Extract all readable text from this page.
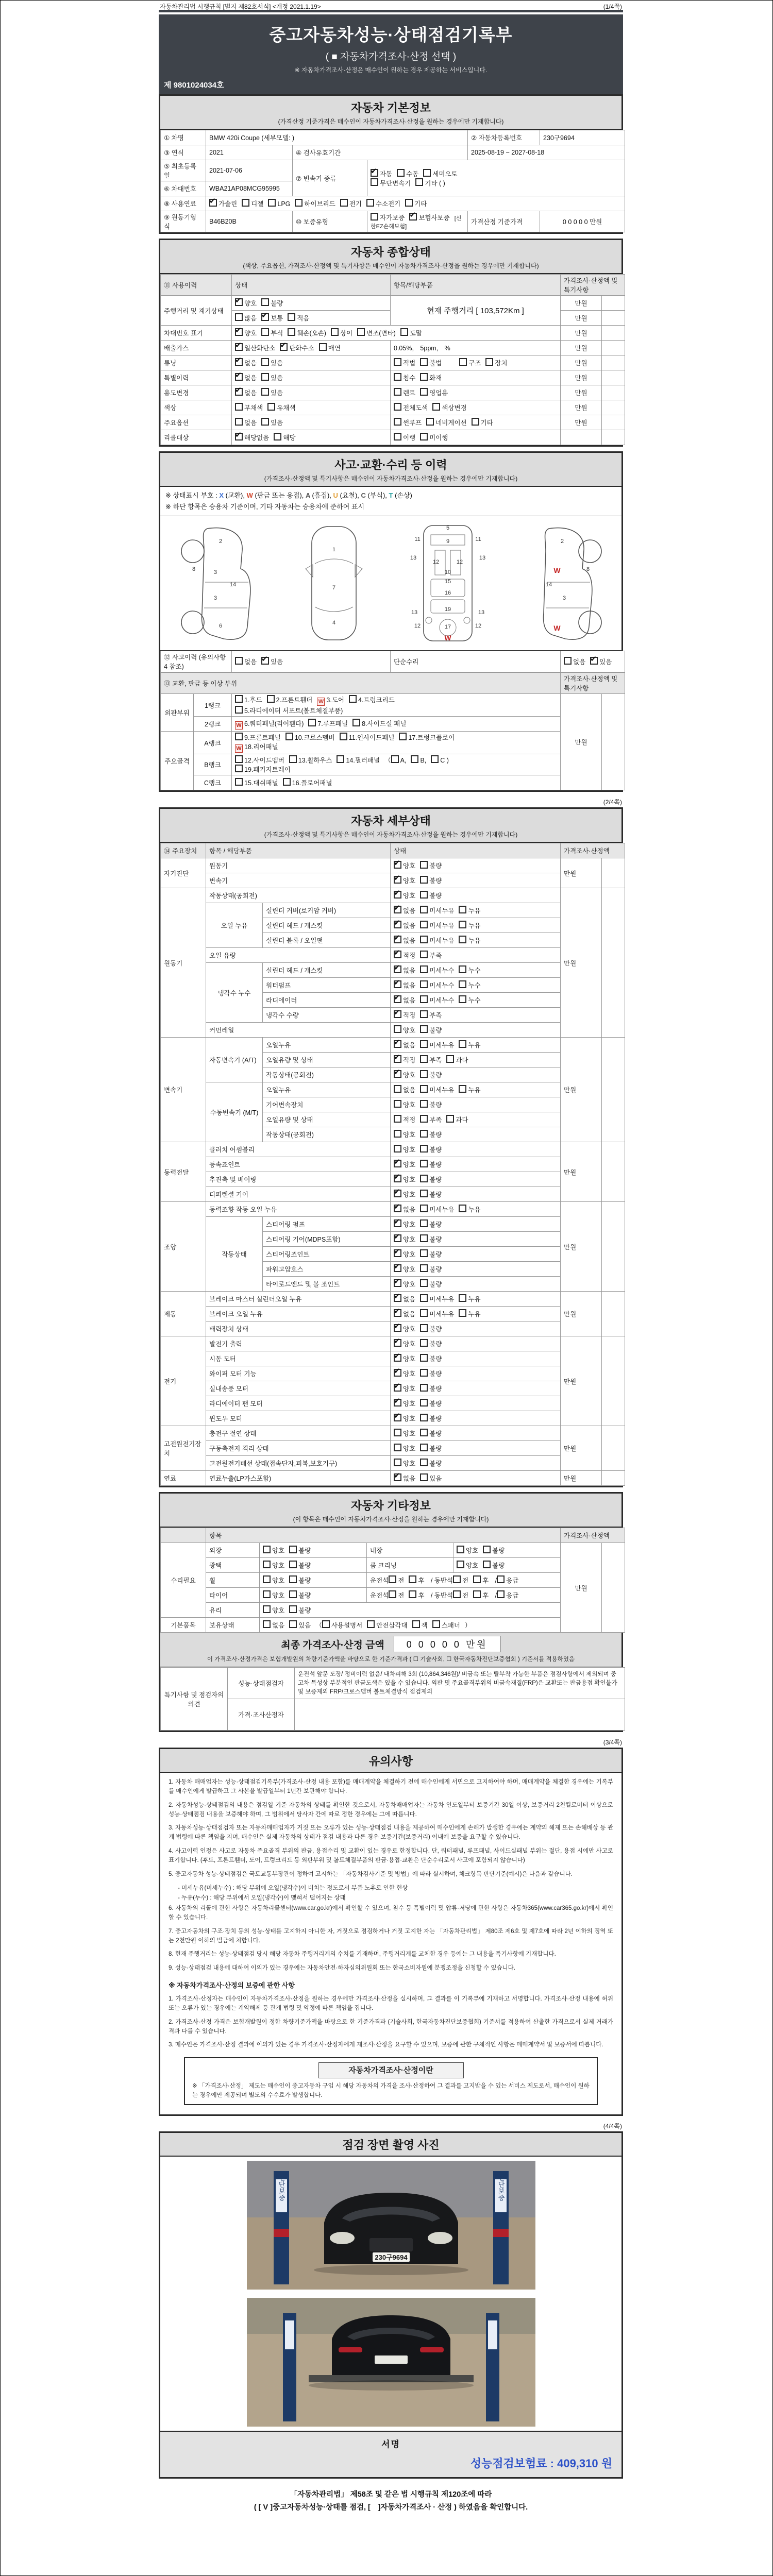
자동차관리법 시행규칙 [별지 제82호서식] <개정 2021.1.19>	(1/4쪽)
중고자동차성능·상태점검기록부
( ■ 자동차가격조사·산정 선택 )
※ 자동차가격조사·산정은 매수인이 원하는 경우 제공하는 서비스입니다.
제 9801024034호
자동차 기본정보
(가격산정 기준가격은 매수인이 자동차가격조사·산정을 원하는 경우에만 기재합니다)
① 차명	BMW 420i Coupe (세부모델: )			② 자동차등록번호	230구9694
③ 연식	2021	④ 검사유효기간		2025-08-19 ~ 2027-08-18	
⑤ 최초등록일	2021-07-06	⑦ 변속기 종류	
✔자동 수동 세미오토
무단변속기 기타 ( )

⑥ 차대번호	WBA21AP08MCG95995				
⑧ 사용연료	✔가솔린 디젤 LPG 하이브리드 전기 수소전기 기타
⑨ 원동기형식	B46B20B	⑩ 보증유형	자가보증 ✔ 보험사보증 [신한EZ손해보험]	가격산정 기준가격	0 0 0 0 0 만원
자동차 종합상태
(색상, 주요옵션, 가격조사·산정액 및 특기사항은 매수인이 자동차가격조사·산정을 원하는 경우에만 기재합니다)
⑪ 사용이력	상태	항목/해당부품	가격조사·산정액 및 특기사항	
주행거리 및 계기상태	✔양호 불량	현재 주행거리 [ 103,572Km ]	만원	
	많음 ✔ 보통 적음		만원	
차대번호 표기	✔양호 부식 훼손(오손) 상이 변조(변타) 도말		만원	
배출가스	✔일산화탄소 ✔ 탄화수소 매연	0.05%,　5ppm,　%	만원	
튜닝	✔없음 있음	적법 불법　　 구조 장치	만원	
특별이력	✔없음 있음	침수 화재	만원	
용도변경	✔없음 있음	렌트 영업용	만원	
색상	무채색 유채색	전체도색 색상변경	만원	
주요옵션	없음 있음	썬루프 네비게이션 기타	만원	
리콜대상	✔해당없음 해당	이행 미이행		
사고·교환·수리 등 이력
(가격조사·산정액 및 특기사항은 매수인이 자동차가격조사·산정을 원하는 경우에만 기재합니다)
※ 상태표시 부호 : X (교환), W (판금 또는 용접), A (흠집), U (요철), C (부식), T (손상)
※ 하단 항목은 승용차 기준이며, 기타 자동차는 승용차에 준하여 표시
2
8	3
14
3
6
1
7
4
5
11	9	11
13
12	12
13
10
15
16
13	19	13
12	17	12
W
2
8
14
3
W
W
⑫ 사고이력 (유의사항 4 참조)	없음 ✔ 있음	단순수리	없음 ✔ 있음
⑬ 교환, 판금 등 이상 부위			가격조사·산정액 및 특기사항	
외판부위	1랭크	1.후드 2.프론트휀더 W 3.도어 4.트렁크리드
5.라디에이터 서포트(볼트체결부품)	만원	
	2랭크	W 6.쿼터패널(리어휀다) 7.루프패널 8.사이드실 패널		

주요골격	A랭크	9.프론트패널 10.크로스멤버 11.인사이드패널 17.트렁크플로어
W 18.리어패널		

	B랭크	12.사이드멤버 13.휠하우스 14.필러패널 （ A, B, C )
19.패키지트레이		

	C랭크	15.대쉬패널 16.플로어패널		
(2/4쪽)
자동차 세부상태
(가격조사·산정액 및 특기사항은 매수인이 자동차가격조사·산정을 원하는 경우에만 기재합니다)
⑭ 주요장치	항목 / 해당부품		상태	가격조사·산정액	
자기진단	원동기	✔양호 불량	만원	
	변속기	✔양호 불량
원동기	작동상태(공회전)	✔양호 불량	만원	
	오일 누유	실린더 커버(로커암 커버)	✔없음 미세누유 누유
		실린더 헤드 / 개스킷	✔없음 미세누유 누유
		실린더 블록 / 오일팬	✔없음 미세누유 누유
	오일 유량	✔적정 부족
	냉각수 누수	실린더 헤드 / 개스킷	✔없음 미세누수 누수
		워터펌프	✔없음 미세누수 누수
		라디에이터	✔없음 미세누수 누수
		냉각수 수량	✔적정 부족
	커먼레일		양호 불량		
변속기	자동변속기 (A/T)	오일누유	✔없음 미세누유 누유	만원	
		오일유량 및 상태	✔적정 부족 과다
		작동상태(공회전)	✔양호 불량
	수동변속기 (M/T)	오일누유	없음 미세누유 누유		
		기어변속장치	양호 불량		
		오일유량 및 상태	적정 부족 과다		
		작동상태(공회전)	양호 불량		
동력전달	클러치 어셈블리		양호 불량	만원	
	등속죠인트	✔양호 불량
	추진축 및 베어링	✔양호 불량
	디퍼렌셜 기어	✔양호 불량
조향	동력조향 작동 오일 누유	✔없음 미세누유 누유	만원	
	작동상태	스티어링 펌프	✔양호 불량
		스티어링 기어(MDPS포함)	✔양호 불량
		스티어링조인트	✔양호 불량
		파워고압호스	✔양호 불량
		타이로드엔드 및 볼 조인트	✔양호 불량
제동	브레이크 마스터 실린더오일 누유	✔없음 미세누유 누유	만원	
	브레이크 오일 누유	✔없음 미세누유 누유
	배력장치 상태	✔양호 불량
전기	발전기 출력	✔양호 불량	만원	
	시동 모터	✔양호 불량
	와이퍼 모터 기능	✔양호 불량
	실내송풍 모터	✔양호 불량
	라디에이터 팬 모터	✔양호 불량
	윈도우 모터	✔양호 불량
고전원전기장치	충전구 절연 상태		양호 불량	만원	
	구동축전지 격리 상태		양호 불량		
	고전원전기배선 상태(접속단자,피복,보호기구)		양호 불량		
연료	연료누출(LP가스포함)	✔없음 있음	만원	
자동차 기타정보
(이 항목은 매수인이 자동차가격조사·산정을 원하는 경우에만 기재합니다)
	항목				가격조사·산정액	
수리필요	외장	양호 불량	내장	양호 불량	만원	
	광택	양호 불량	룸 크리닝	양호 불량		
	휠	양호 불량	운전석 전 후 / 동반석 전 후 / 응급			
	타이어	양호 불량	운전석 전 후 / 동반석 전 후 / 응급			
	유리	양호 불량				
기본품목	보유상태	없음 있음 （ 사용설명서 안전삼각대 잭 스패너 ）				
최종 가격조사·산정 금액	0 0 0 0 0 만원
이 가격조사·산정가격은 보험개발원의 차량기준가액을 바탕으로 한 기준가격과 ( ☐ 기술사회, ☐ 한국자동차진단보증협회 ) 기준서를 적용하였음
특기사항 및 점검자의 의견	성능·상태점검자	운전석 앞문 도장/ 정비이력 없음/ 내차피해 3회 (10,864,346원)/ 비금속 또는 탈부착 가능한 부품은 점검사항에서 제외되며 중고차 특성상 부분적인 판금도색은 있을 수 있습니다. 외판 및 주요골격부위의 비금속재질(FRP)은 교환또는 판금용접 확인불가 및 보증제외 FRP/크로스멤버 볼트체결방식 점검제외
	가격·조사산정자	
(3/4쪽)
유의사항
1. 자동차 매매업자는 성능·상태점검기록부(가격조사·산정 내용 포함)를 매매계약을 체결하기 전에 매수인에게 서면으로 고지하여야 하며, 매매계약을 체결한 경우에는 기록부를 매수인에게 발급하고 그 사본을 발급일부터 1년간 보관해야 합니다.
2. 자동차성능·상태점검의 내용은 점검일 기준 자동차의 상태를 확인한 것으로서, 자동차매매업자는 자동차 인도일부터 보증기간 30일 이상, 보증거리 2천킬로미터 이상으로 성능·상태점검 내용을 보증해야 하며, 그 범위에서 당사자 간에 따로 정한 경우에는 그에 따릅니다.
3. 자동차성능·상태점검자 또는 자동차매매업자가 거짓 또는 오류가 있는 성능·상태점검 내용을 제공하여 매수인에게 손해가 발생한 경우에는 계약의 해제 또는 손해배상 등 관계 법령에 따른 책임을 지며, 매수인은 실제 자동차의 상태가 점검 내용과 다른 경우 보증기간(보증거리) 이내에 보증을 요구할 수 있습니다.
4. 사고이력 인정은 사고로 자동차 주요골격 부위의 판금, 용접수리 및 교환이 있는 경우로 한정합니다. 단, 쿼터패널, 루프패널, 사이드실패널 부위는 절단, 용접 시에만 사고로 표기합니다. (후드, 프론트휀더, 도어, 트렁크리드 등 외판부위 및 볼트체결부품의 판금·용접·교환은 단순수리로서 사고에 포함되지 않습니다)
5. 중고자동차 성능·상태점검은 국토교통부장관이 정하여 고시하는 「자동차검사기준 및 방법」에 따라 실시하며, 체크항목 판단기준(예시)은 다음과 같습니다.
- 미세누유(미세누수) : 해당 부위에 오일(냉각수)이 비치는 정도로서 부품 노후로 인한 현상
- 누유(누수) : 해당 부위에서 오일(냉각수)이 맺혀서 떨어지는 상태
6. 자동차의 리콜에 관한 사항은 자동차리콜센터(www.car.go.kr)에서 확인할 수 있으며, 침수 등 특별이력 및 압류·저당에 관한 사항은 자동차365(www.car365.go.kr)에서 확인할 수 있습니다.
7. 중고자동차의 구조·장치 등의 성능·상태를 고지하지 아니한 자, 거짓으로 점검하거나 거짓 고지한 자는 「자동차관리법」 제80조 제6호 및 제7호에 따라 2년 이하의 징역 또는 2천만원 이하의 벌금에 처합니다.
8. 현재 주행거리는 성능·상태점검 당시 해당 자동차 주행거리계의 수치를 기재하며, 주행거리계를 교체한 경우 등에는 그 내용을 특기사항에 기재합니다.
9. 성능·상태점검 내용에 대하여 이의가 있는 경우에는 자동차안전·하자심의위원회 또는 한국소비자원에 분쟁조정을 신청할 수 있습니다.
※ 자동차가격조사·산정의 보증에 관한 사항
1. 가격조사·산정자는 매수인이 자동차가격조사·산정을 원하는 경우에만 가격조사·산정을 실시하며, 그 결과를 이 기록부에 기재하고 서명합니다. 가격조사·산정 내용에 허위 또는 오류가 있는 경우에는 계약해제 등 관계 법령 및 약정에 따른 책임을 집니다.
2. 가격조사·산정 가격은 보험개발원이 정한 차량기준가액을 바탕으로 한 기준가격과 (기술사회, 한국자동차진단보증협회) 기준서를 적용하여 산출한 가격으로서 실제 거래가격과 다를 수 있습니다.
3. 매수인은 가격조사·산정 결과에 이의가 있는 경우 가격조사·산정자에게 재조사·산정을 요구할 수 있으며, 보증에 관한 구체적인 사항은 매매계약서 및 보증서에 따릅니다.
자동차가격조사·산정이란
※ 「가격조사·산정」 제도는 매수인이 중고자동차 구입 시 해당 자동차의 가격을 조사·산정하여 그 결과를 고지받을 수 있는 서비스 제도로서, 매수인이 원하는 경우에만 제공되며 별도의 수수료가 발생합니다.
(4/4쪽)
점검 장면 촬영 사진
진단보증	진단보증
230구9694
서명
성능점검보험료 : 409,310 원
「자동차관리법」 제58조 및 같은 법 시행규칙 제120조에 따라
( [ V ]중고자동차성능·상태를 점검, [　]자동차가격조사 · 산정 ) 하였음을 확인합니다.
